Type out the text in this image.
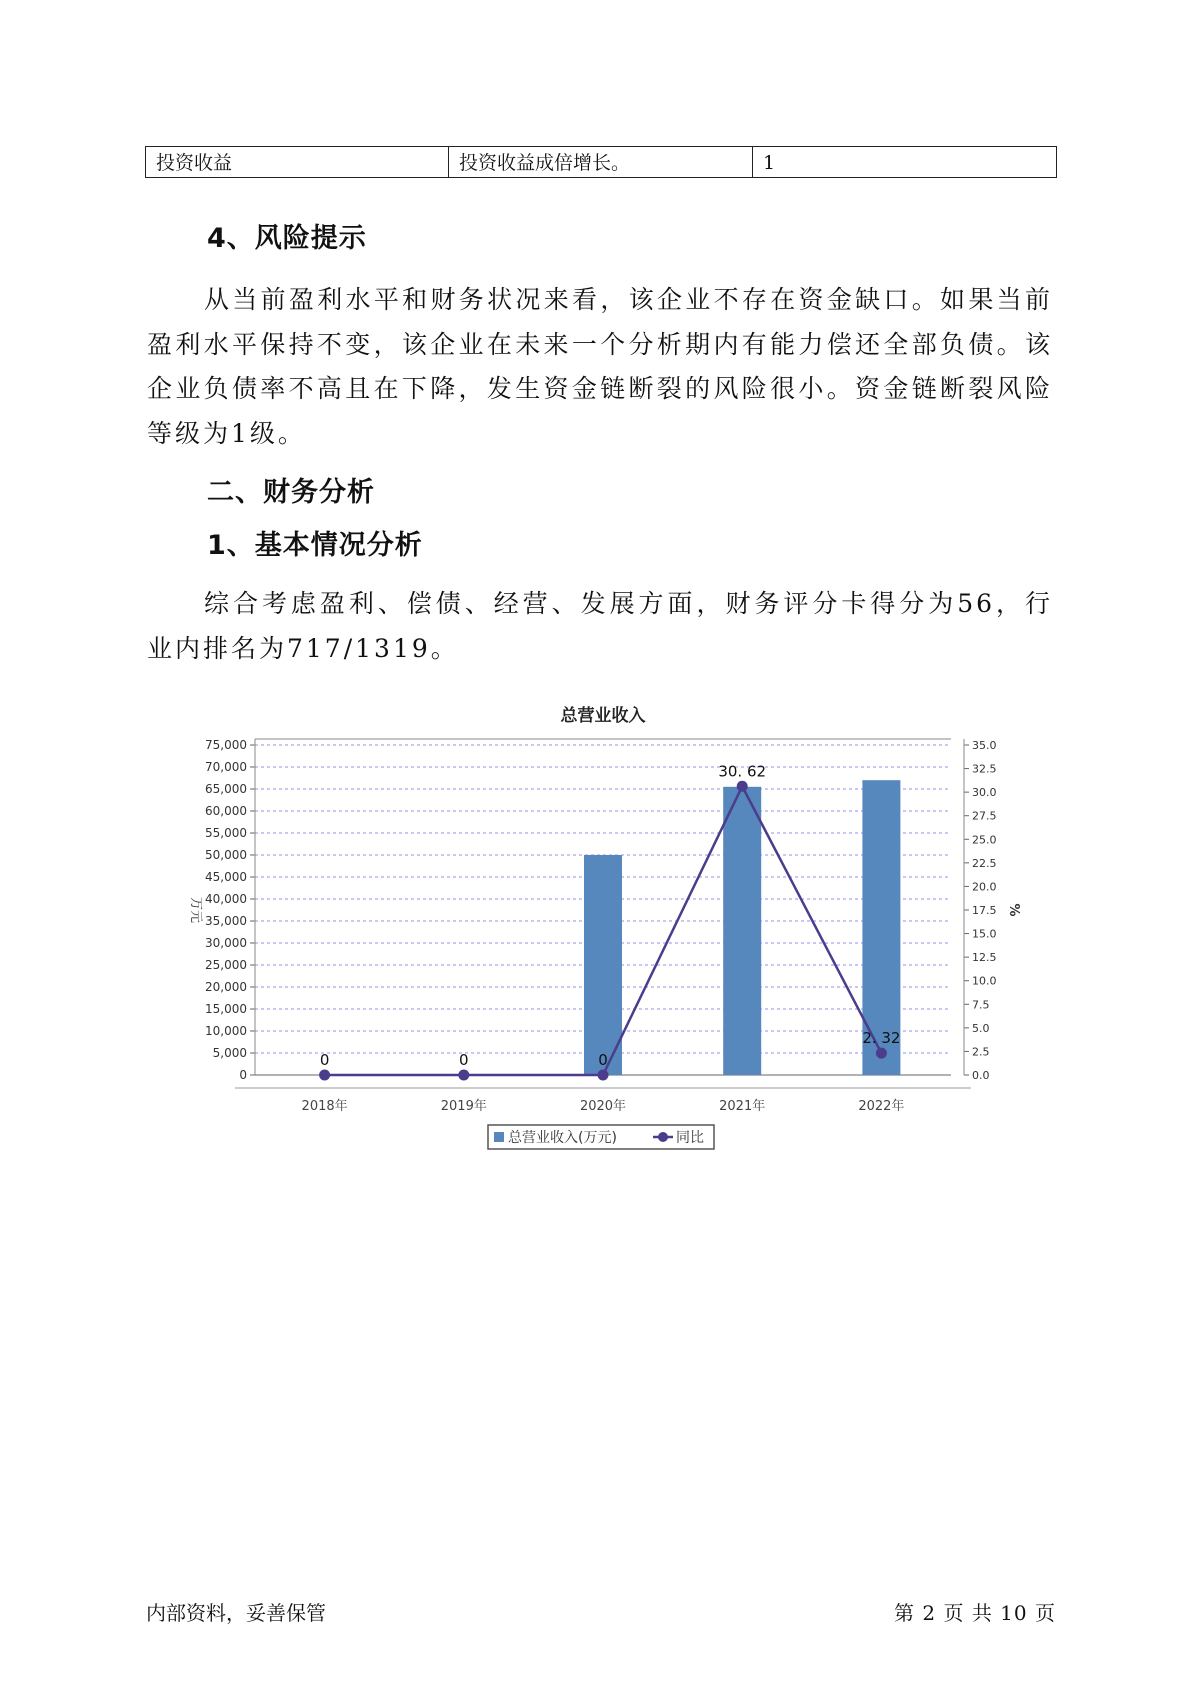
投资收益	投资收益成倍增长。	1
4、风险提示

从当前盈利水平和财务状况来看，该企业不存在资金缺口。如果当前盈利水平保持不变，该企业在未来一个分析期内有能力偿还全部负债。该企业负债率不高且在下降，发生资金链断裂的风险很小。资金链断裂风险等级为1级。

二、财务分析
1、基本情况分析

综合考虑盈利、偿债、经营、发展方面，财务评分卡得分为56，行业内排名为717/1319。

总营业收入
0
5,000
10,000
15,000
20,000
25,000
30,000
35,000
40,000
45,000
50,000
55,000
60,000
65,000
70,000
75,000
0.0
2.5
5.0
7.5
10.0
12.5
15.0
17.5
20.0
22.5
25.0
27.5
30.0
32.5
35.0
万元	%
2018年	2019年	2020年	2021年	2022年
0	0	0
30. 62
2. 32
总营业收入(万元)	同比
内部资料，妥善保管	第 2 页 共 10 页
